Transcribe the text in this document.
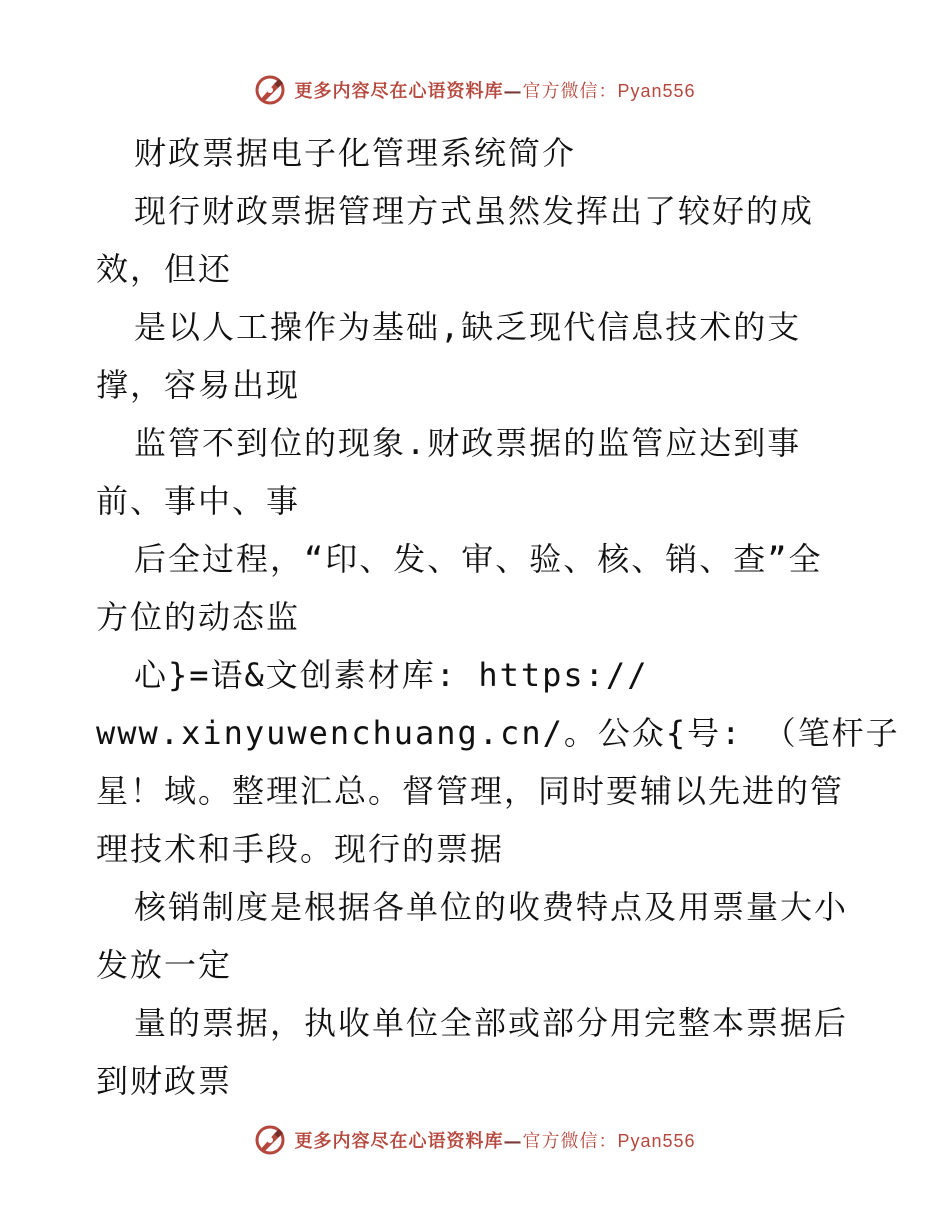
更多内容尽在心语资料库—官方微信：Pyan556
财政票据电子化管理系统简介
现行财政票据管理方式虽然发挥出了较好的成
效，但还
是以人工操作为基础,缺乏现代信息技术的支
撑，容易出现
监管不到位的现象.财政票据的监管应达到事
前、事中、事
后全过程，“印、发、审、验、核、销、查”全
方位的动态监
心}=语&文创素材库: https://
www.xinyuwenchuang.cn/。公众{号: （笔杆子
星！域。整理汇总。督管理，同时要辅以先进的管
理技术和手段。现行的票据
核销制度是根据各单位的收费特点及用票量大小
发放一定
量的票据，执收单位全部或部分用完整本票据后
到财政票
更多内容尽在心语资料库—官方微信：Pyan556
